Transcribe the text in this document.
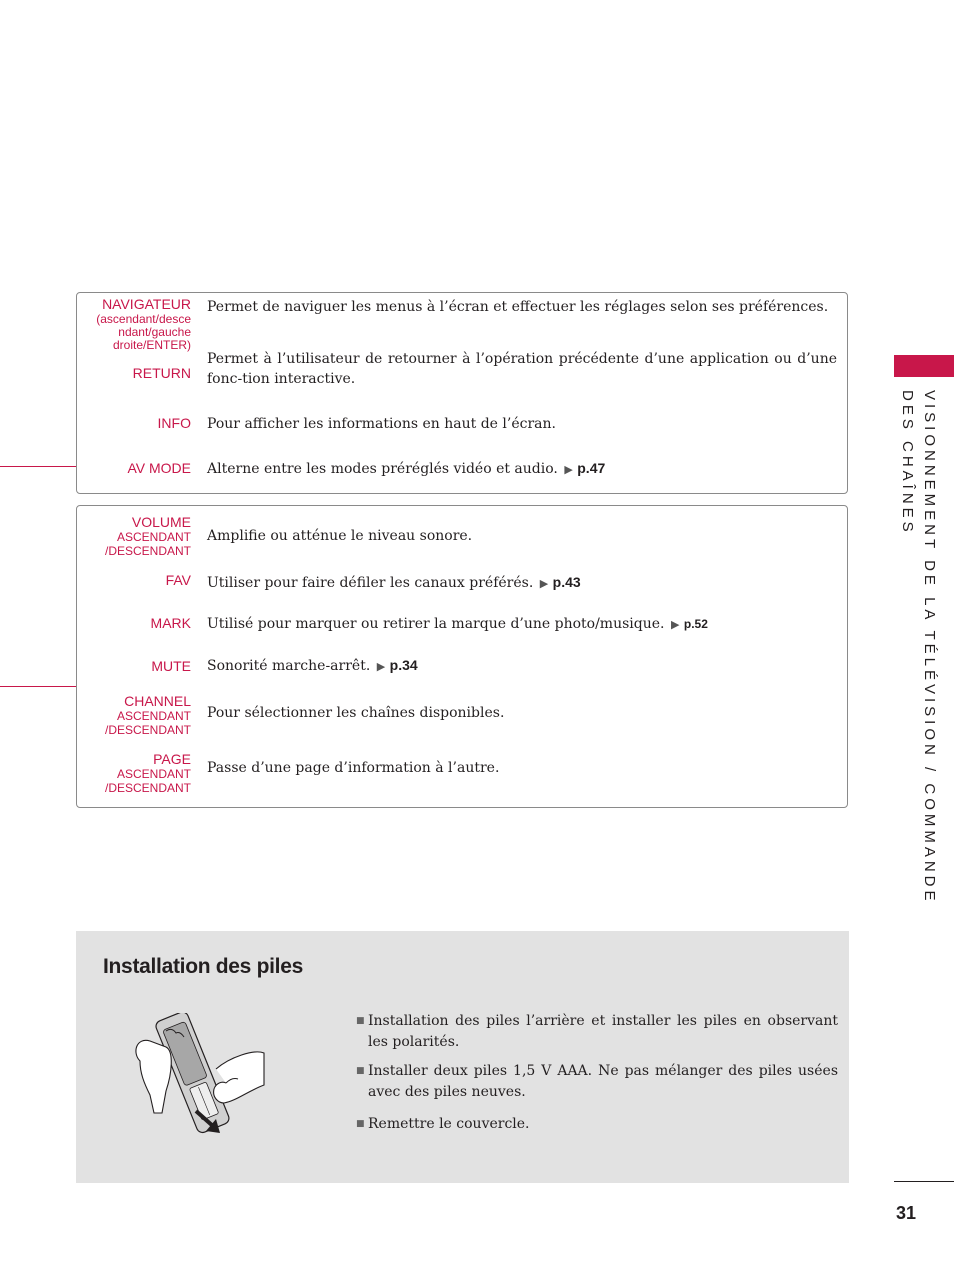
VISIONNEMENT DE LA TÉLÉVISION / COMMANDE DES CHAÎNES
NAVIGATEUR
(ascendant/desce
ndant/gauche
droite/ENTER)
Permet de naviguer les menus à l’écran et effectuer les réglages selon ses préférences.
RETURN
Permet à l’utilisateur de retourner à l’opération précédente d’une application ou d’une fonc-tion interactive.
INFO Pour afficher les informations en haut de l’écran.
AV MODE Alterne entre les modes préréglés vidéo et audio. ▶ p.47
VOLUME
ASCENDANT
/DESCENDANT
Amplifie ou atténue le niveau sonore.
FAV Utiliser pour faire défiler les canaux préférés. ▶ p.43
MARK Utilisé pour marquer ou retirer la marque d’une photo/musique. ▶ p.52
MUTE Sonorité marche-arrêt. ▶ p.34
CHANNEL
ASCENDANT
/DESCENDANT
Pour sélectionner les chaînes disponibles.
PAGE
ASCENDANT
/DESCENDANT
Passe d’une page d’information à l’autre.
Installation des piles
■ Installation des piles l’arrière et installer les piles en observant les polarités.
■ Installer deux piles 1,5 V AAA. Ne pas mélanger des piles usées avec des piles neuves.
■ Remettre le couvercle.
31
